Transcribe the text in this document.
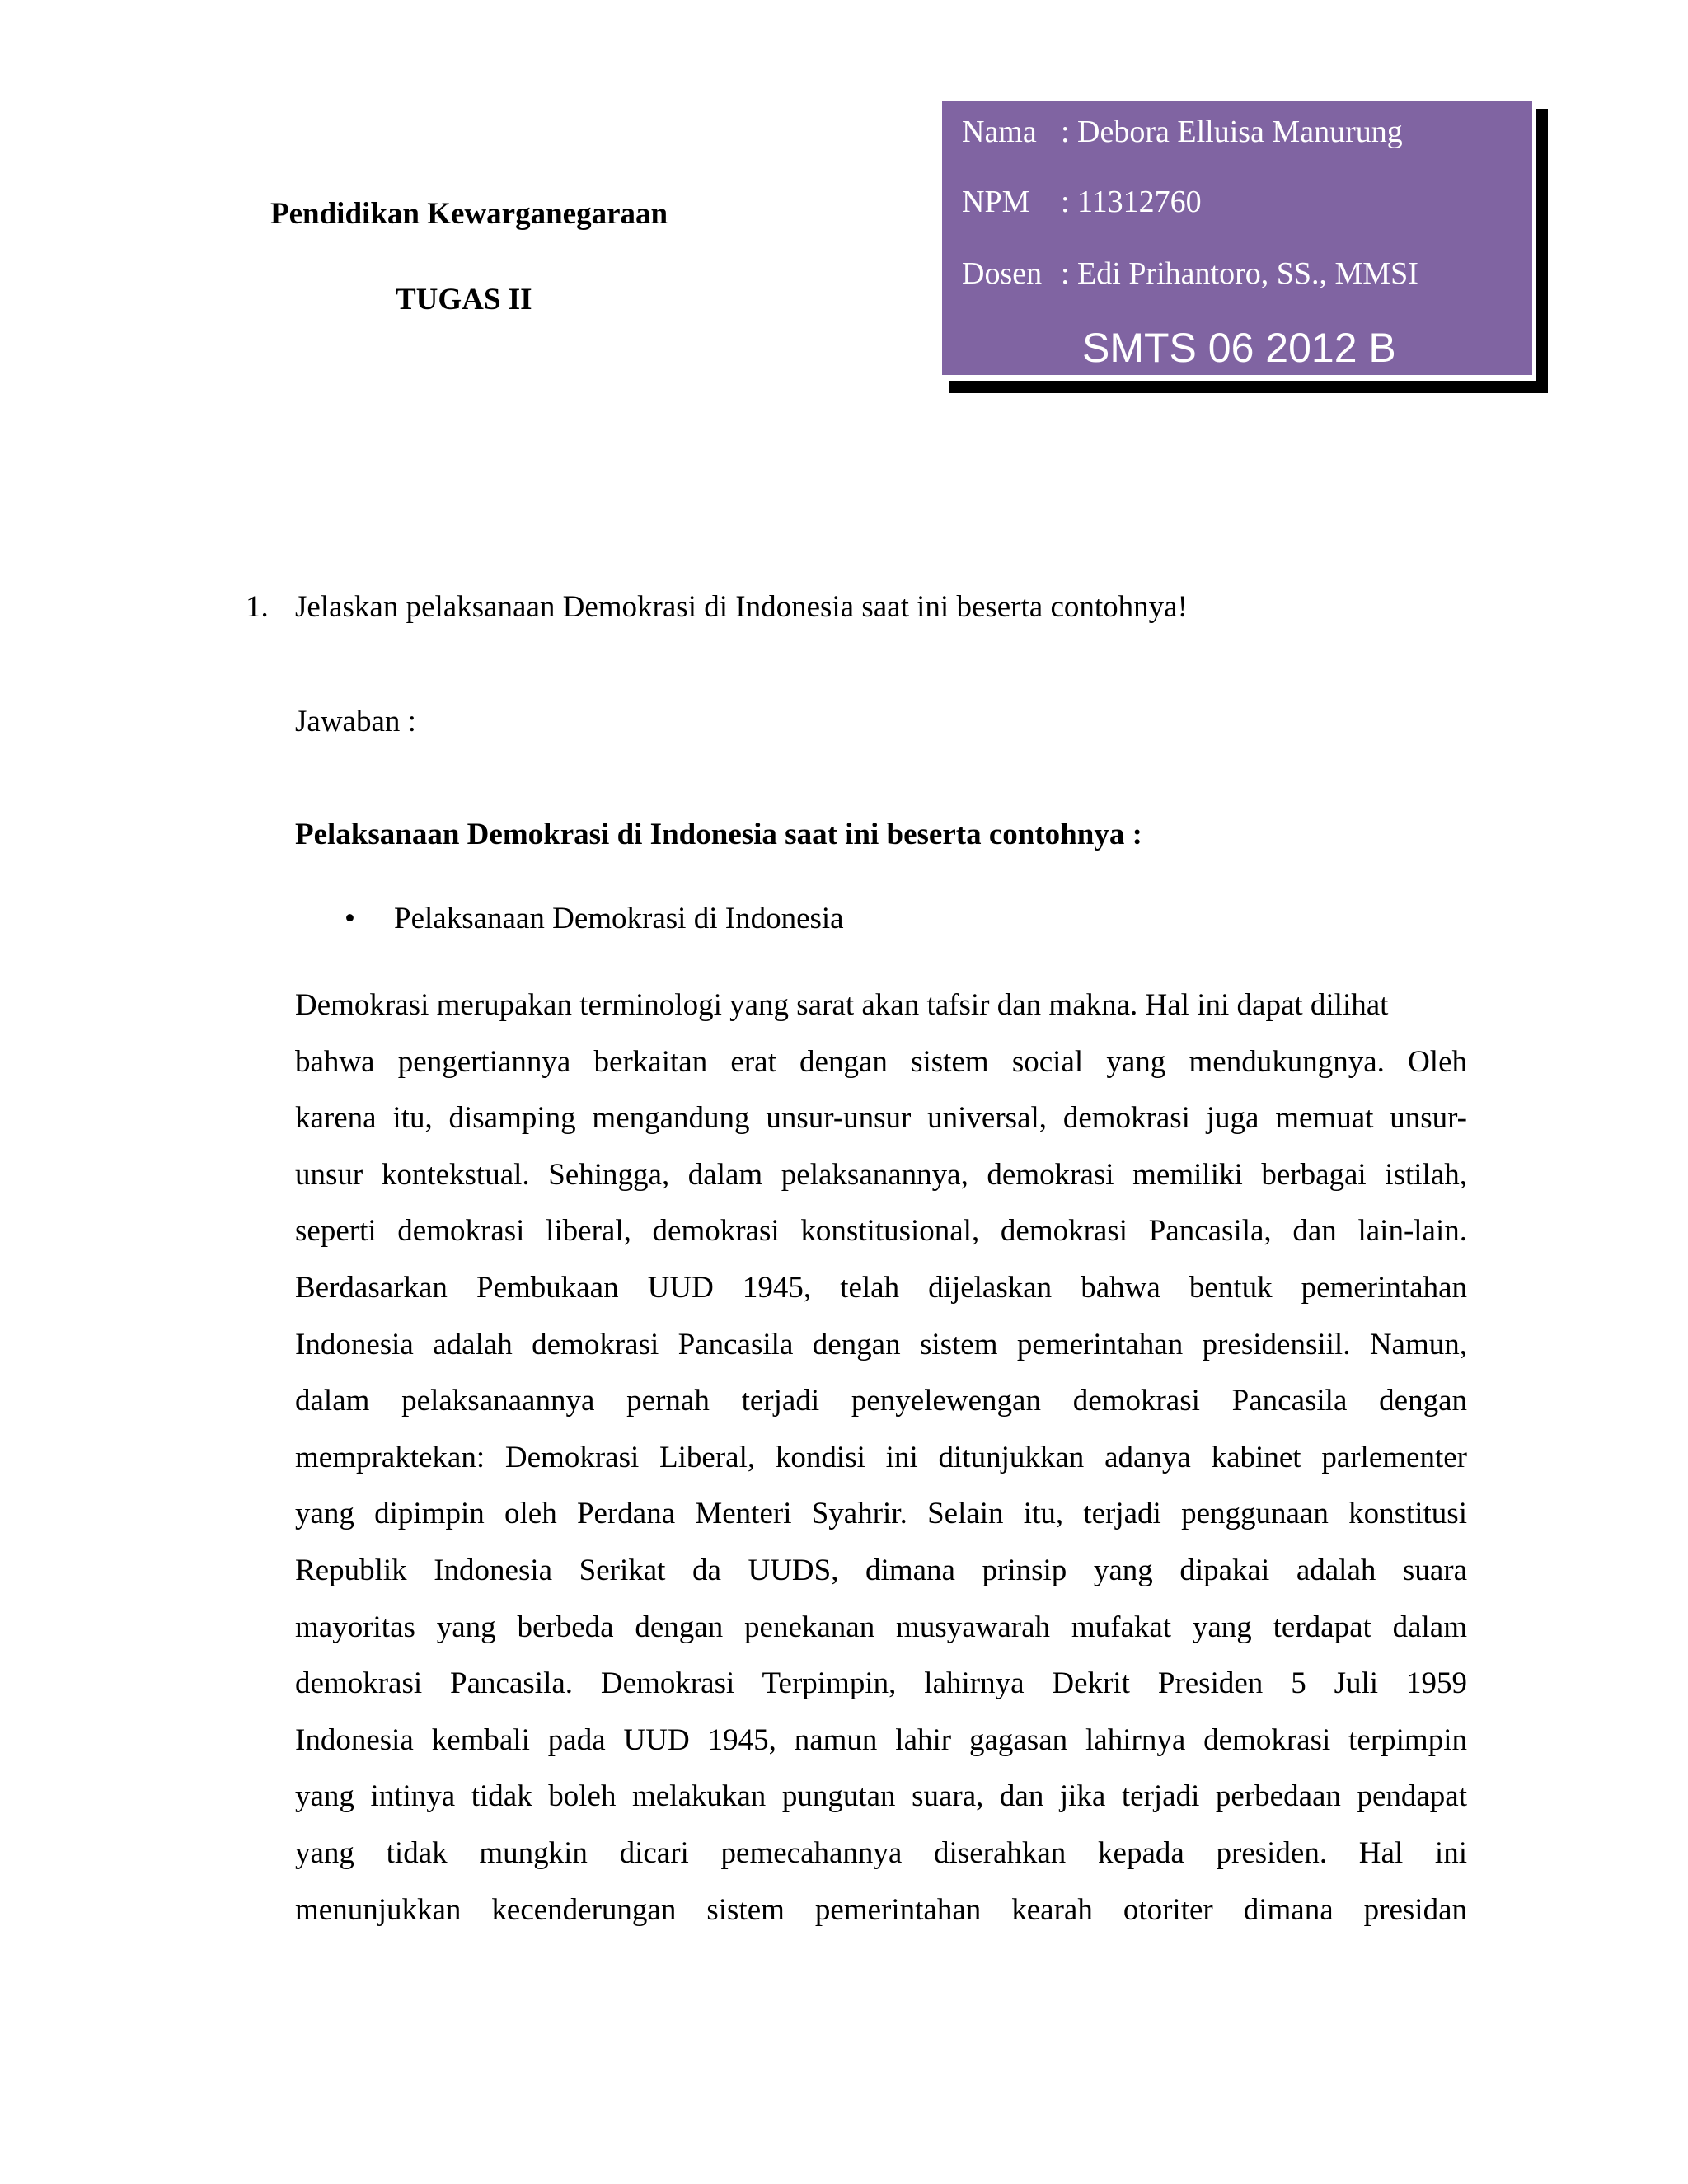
Pendidikan Kewarganegaraan
TUGAS II
Nama : Debora Elluisa Manurung
NPM : 11312760
Dosen : Edi Prihantoro, SS., MMSI
SMTS 06 2012 B
1. Jelaskan pelaksanaan Demokrasi di Indonesia saat ini beserta contohnya!
Jawaban :
Pelaksanaan Demokrasi di Indonesia saat ini beserta contohnya :
• Pelaksanaan Demokrasi di Indonesia
Demokrasi merupakan terminologi yang sarat akan tafsir dan makna. Hal ini dapat dilihat
bahwa pengertiannya berkaitan erat dengan sistem social yang mendukungnya. Oleh
karena itu, disamping mengandung unsur-unsur universal, demokrasi juga memuat unsur-
unsur kontekstual. Sehingga, dalam pelaksanannya, demokrasi memiliki berbagai istilah,
seperti demokrasi liberal, demokrasi konstitusional, demokrasi Pancasila, dan lain-lain.
Berdasarkan Pembukaan UUD 1945, telah dijelaskan bahwa bentuk pemerintahan
Indonesia adalah demokrasi Pancasila dengan sistem pemerintahan presidensiil. Namun,
dalam pelaksanaannya pernah terjadi penyelewengan demokrasi Pancasila dengan
mempraktekan: Demokrasi Liberal, kondisi ini ditunjukkan adanya kabinet parlementer
yang dipimpin oleh Perdana Menteri Syahrir. Selain itu, terjadi penggunaan konstitusi
Republik Indonesia Serikat da UUDS, dimana prinsip yang dipakai adalah suara
mayoritas yang berbeda dengan penekanan musyawarah mufakat yang terdapat dalam
demokrasi Pancasila. Demokrasi Terpimpin, lahirnya Dekrit Presiden 5 Juli 1959
Indonesia kembali pada UUD 1945, namun lahir gagasan lahirnya demokrasi terpimpin
yang intinya tidak boleh melakukan pungutan suara, dan jika terjadi perbedaan pendapat
yang tidak mungkin dicari pemecahannya diserahkan kepada presiden. Hal ini
menunjukkan kecenderungan sistem pemerintahan kearah otoriter dimana presidan
